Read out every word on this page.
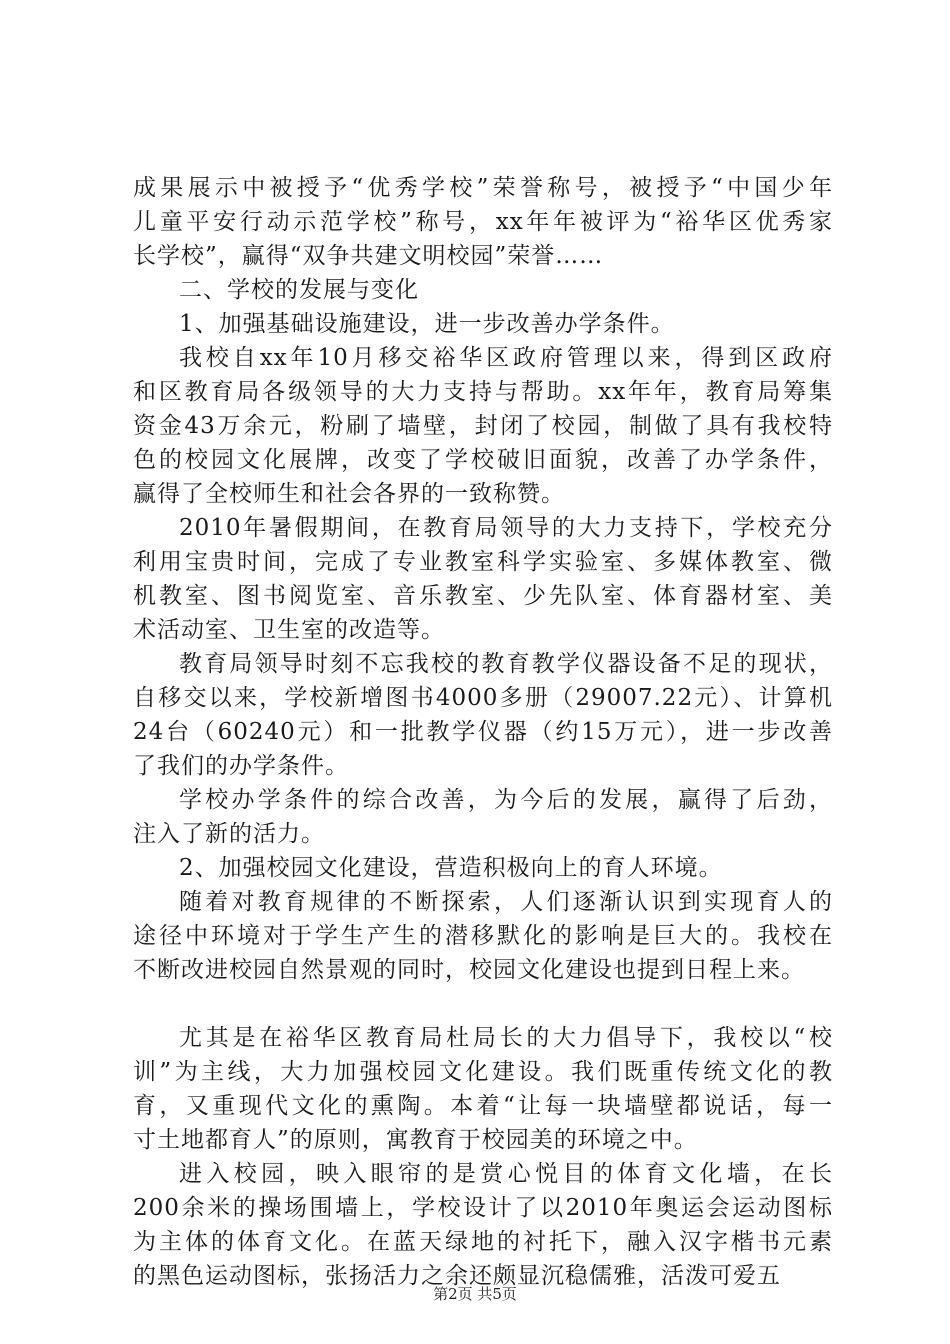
成果展示中被授予“优秀学校”荣誉称号，被授予“中国少年
儿童平安行动示范学校”称号，xx年年被评为“裕华区优秀家
长学校”，赢得“双争共建文明校园”荣誉……
二、学校的发展与变化
1、加强基础设施建设，进一步改善办学条件。
我校自xx年10月移交裕华区政府管理以来，得到区政府
和区教育局各级领导的大力支持与帮助。xx年年，教育局筹集
资金43万余元，粉刷了墙壁，封闭了校园，制做了具有我校特
色的校园文化展牌，改变了学校破旧面貌，改善了办学条件，
赢得了全校师生和社会各界的一致称赞。
2010年暑假期间，在教育局领导的大力支持下，学校充分
利用宝贵时间，完成了专业教室科学实验室、多媒体教室、微
机教室、图书阅览室、音乐教室、少先队室、体育器材室、美
术活动室、卫生室的改造等。
教育局领导时刻不忘我校的教育教学仪器设备不足的现状，
自移交以来，学校新增图书4000多册（29007.22元）、计算机
24台（60240元）和一批教学仪器（约15万元），进一步改善
了我们的办学条件。
学校办学条件的综合改善，为今后的发展，赢得了后劲，
注入了新的活力。
2、加强校园文化建设，营造积极向上的育人环境。
随着对教育规律的不断探索，人们逐渐认识到实现育人的
途径中环境对于学生产生的潜移默化的影响是巨大的。我校在
不断改进校园自然景观的同时，校园文化建设也提到日程上来。
尤其是在裕华区教育局杜局长的大力倡导下，我校以“校
训”为主线，大力加强校园文化建设。我们既重传统文化的教
育，又重现代文化的熏陶。本着“让每一块墙壁都说话，每一
寸土地都育人”的原则，寓教育于校园美的环境之中。
进入校园，映入眼帘的是赏心悦目的体育文化墙，在长
200余米的操场围墙上，学校设计了以2010年奥运会运动图标
为主体的体育文化。在蓝天绿地的衬托下，融入汉字楷书元素
的黑色运动图标，张扬活力之余还颇显沉稳儒雅，活泼可爱五
第2页 共5页
